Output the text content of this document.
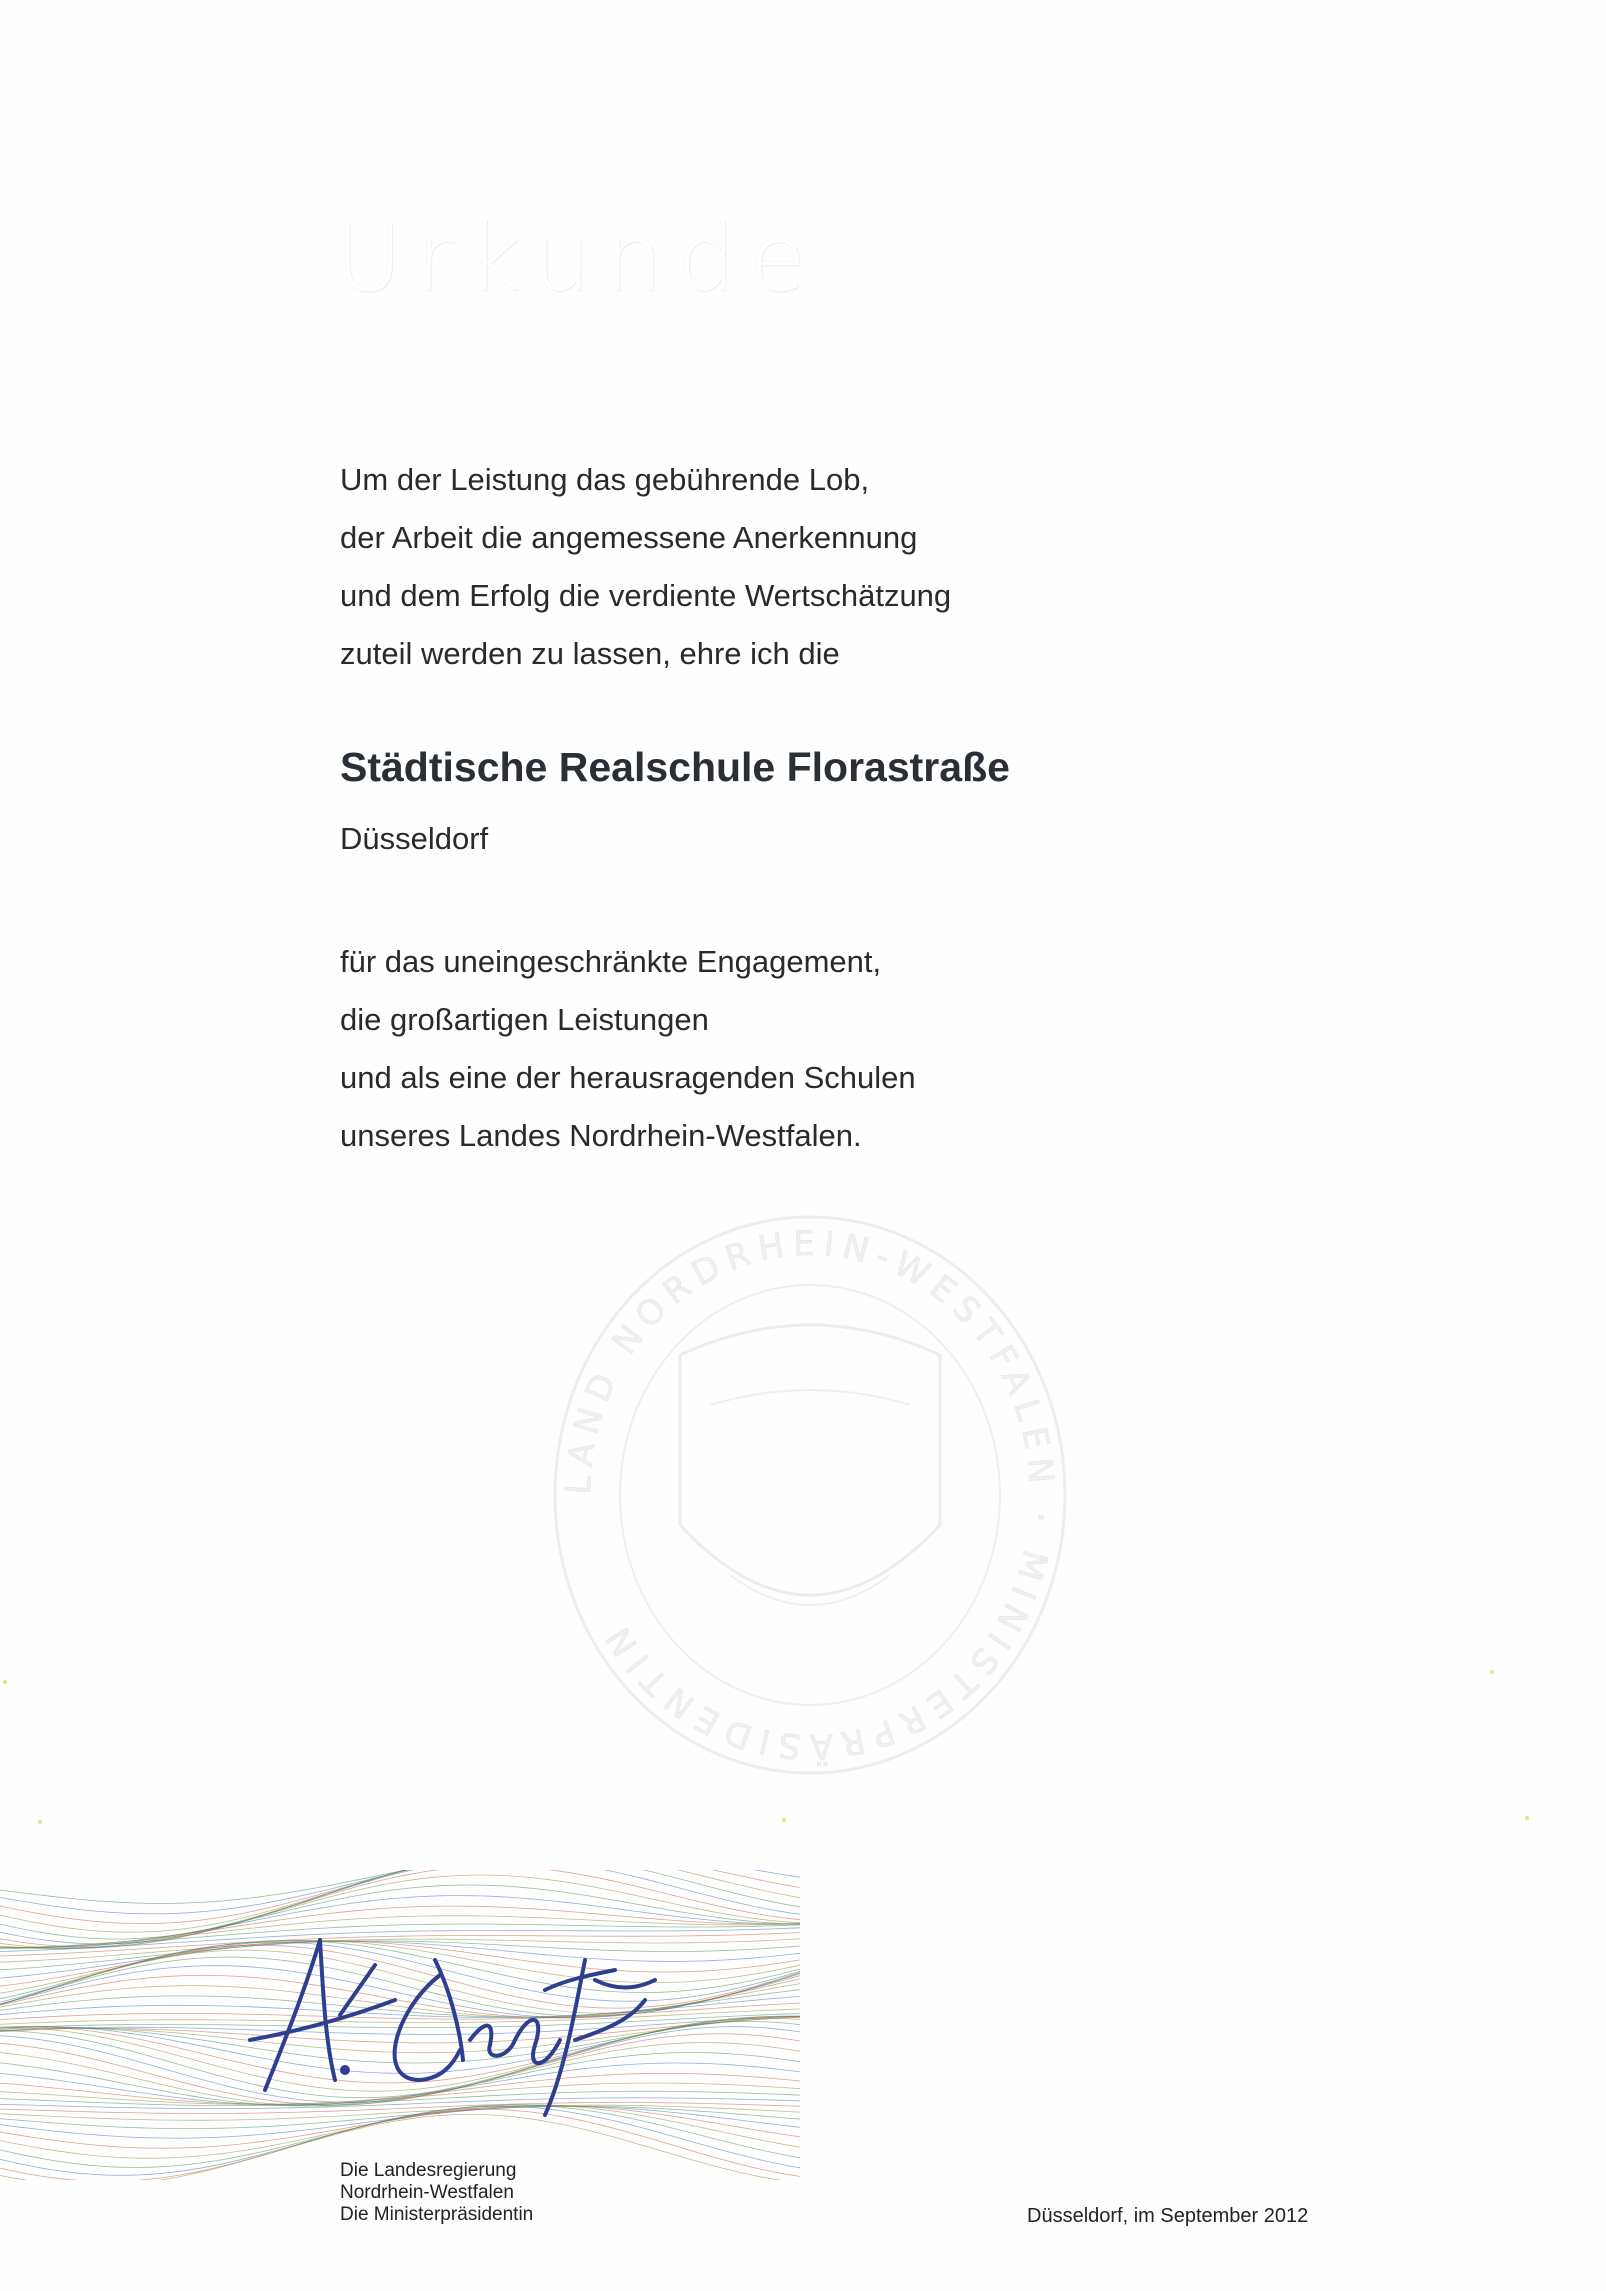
Urkunde
Um der Leistung das gebührende Lob,
der Arbeit die angemessene Anerkennung
und dem Erfolg die verdiente Wertschätzung
zuteil werden zu lassen, ehre ich die
Städtische Realschule Florastraße
Düsseldorf
für das uneingeschränkte Engagement,
die großartigen Leistungen
und als eine der herausragenden Schulen
unseres Landes Nordrhein-Westfalen.
LAND NORDRHEIN-WESTFALEN · MINISTERPRÄSIDENTIN
Die Landesregierung
Nordrhein-Westfalen
Die Ministerpräsidentin	Düsseldorf, im September 2012
